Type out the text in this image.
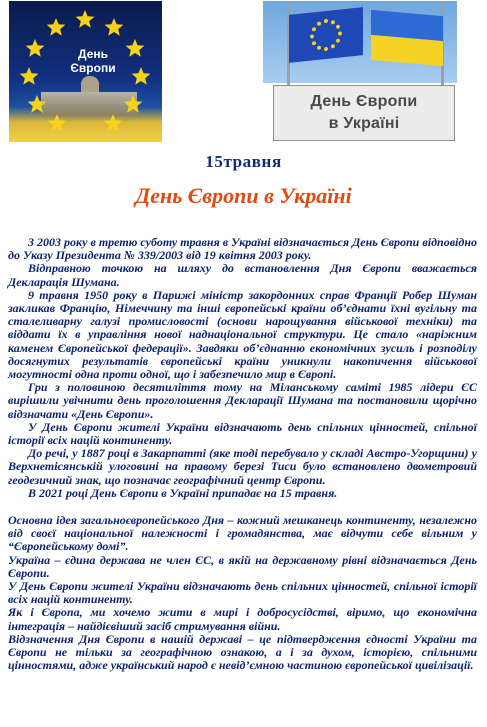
День
Європи
День Європи
в Україні
15травня
День Європи в Україні

3 2003 року в третю суботу травня в Україні відзначається День Європи відповідно до Указу Президента № 339/2003 від 19 квітня 2003 року.

Відправною точкою на шляху до встановлення Дня Європи вважається Декларація Шумана.

9 травня 1950 року в Парижі міністр закордонних справ Франції Робер Шуман закликав Францію, Німеччину та інші європейські країни об’єднати їхні вугільну та сталеливарну галузі промисловості (основи нарощування військової техніки) та віддати їх в управління нової наднаціональної структури. Це стало «наріжним каменем Європейської федерації». Завдяки об’єднанню економічних зусиль і розподілу досягнутих результатів європейські країни уникнули накопичення військової могутності одна проти одної, що і забезпечило мир в Європі.

Гри з половиною десятиліття тому на Міланському саміті 1985 лідери ЄС вирішили увічнити день проголошення Декларації Шумана та постановили щорічно відзначати «День Європи».

У День Європи жителі України відзначають день спільних цінностей, спільної історії всіх націй континенту.

До речі, у 1887 році в Закарпатті (яке тоді перебувало у складі Австро-Угорщини) у Верхнетісянській улоговині на правому березі Тиси було встановлено двометровий геодезичний знак, що позначає географічний центр Європи.

В 2021 році День Європи в Україні припадає на 15 травня.

Основна ідея загальноєвропейського Дня – кожний мешканець континенту, незалежно від своєї національної належності і громадянства, має відчути себе вільним у “Європейському домі”.

Україна – єдина держава не член ЄС, в якій на державному рівні відзначається День Європи.

У День Європи жителі України відзначають день спільних цінностей, спільної історії всіх націй континенту.

Як і Європа, ми хочемо жити в мирі і добросусідстві, віримо, що економічна інтеграція – найдієвіший засіб стримування війни.

Відзначення Дня Європи в нашій державі – це підтвердження єдності України та Європи не тільки за географічною ознакою, а і за духом, історією, спільними цінностями, адже український народ є невід’ємною частиною європейської цивілізації.
